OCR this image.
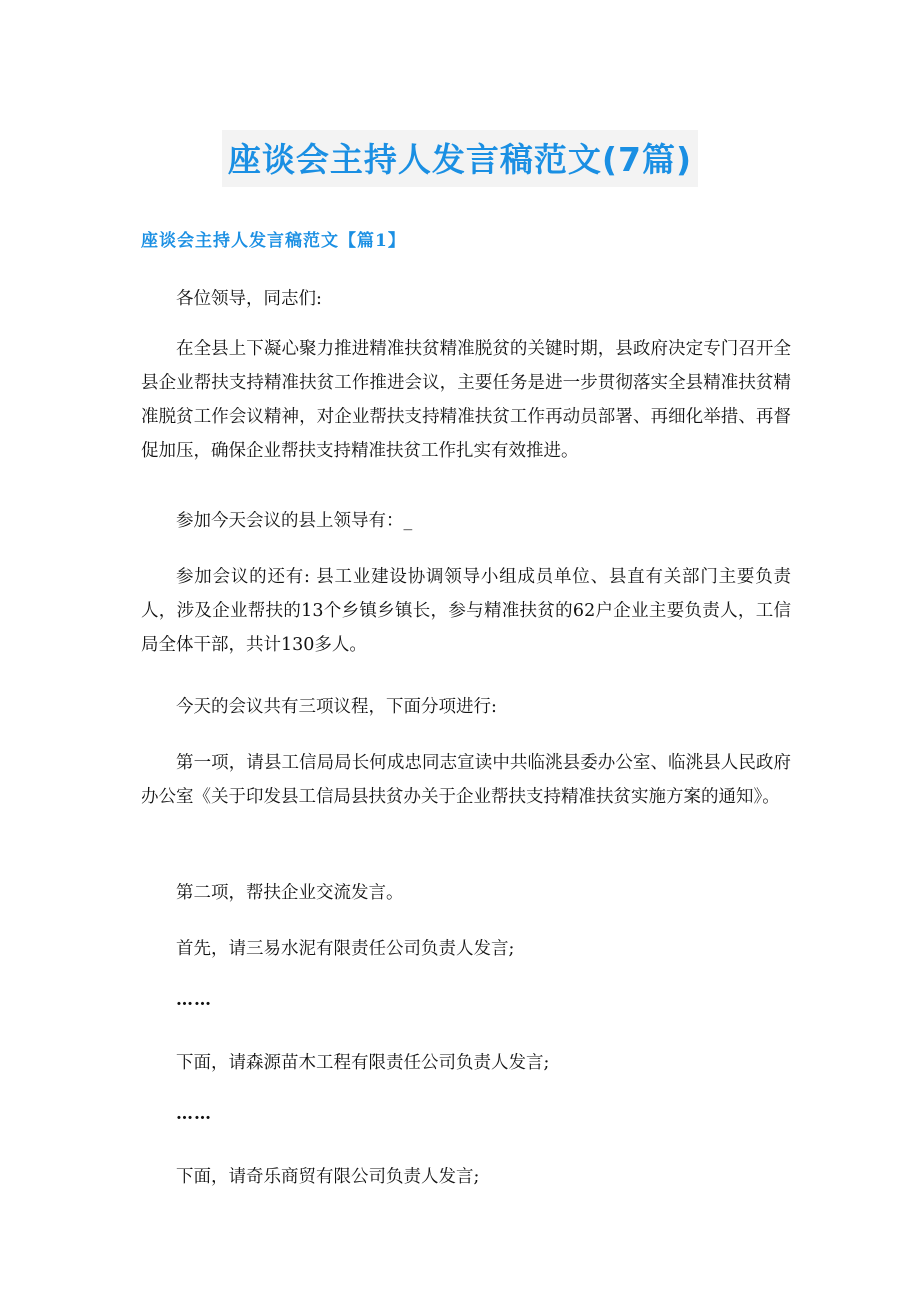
座谈会主持人发言稿范文(7篇)
座谈会主持人发言稿范文【篇1】

各位领导，同志们:

在全县上下凝心聚力推进精准扶贫精准脱贫的关键时期，县政府决定专门召开全县企业帮扶支持精准扶贫工作推进会议，主要任务是进一步贯彻落实全县精准扶贫精准脱贫工作会议精神，对企业帮扶支持精准扶贫工作再动员部署、再细化举措、再督促加压，确保企业帮扶支持精准扶贫工作扎实有效推进。

参加今天会议的县上领导有：_

参加会议的还有: 县工业建设协调领导小组成员单位、县直有关部门主要负责人，涉及企业帮扶的13个乡镇乡镇长，参与精准扶贫的62户企业主要负责人，工信局全体干部，共计130多人。

今天的会议共有三项议程，下面分项进行:

第一项，请县工信局局长何成忠同志宣读中共临洮县委办公室、临洮县人民政府办公室《关于印发县工信局县扶贫办关于企业帮扶支持精准扶贫实施方案的通知》。

第二项，帮扶企业交流发言。

首先，请三易水泥有限责任公司负责人发言;

……

下面，请森源苗木工程有限责任公司负责人发言;

……

下面，请奇乐商贸有限公司负责人发言;
